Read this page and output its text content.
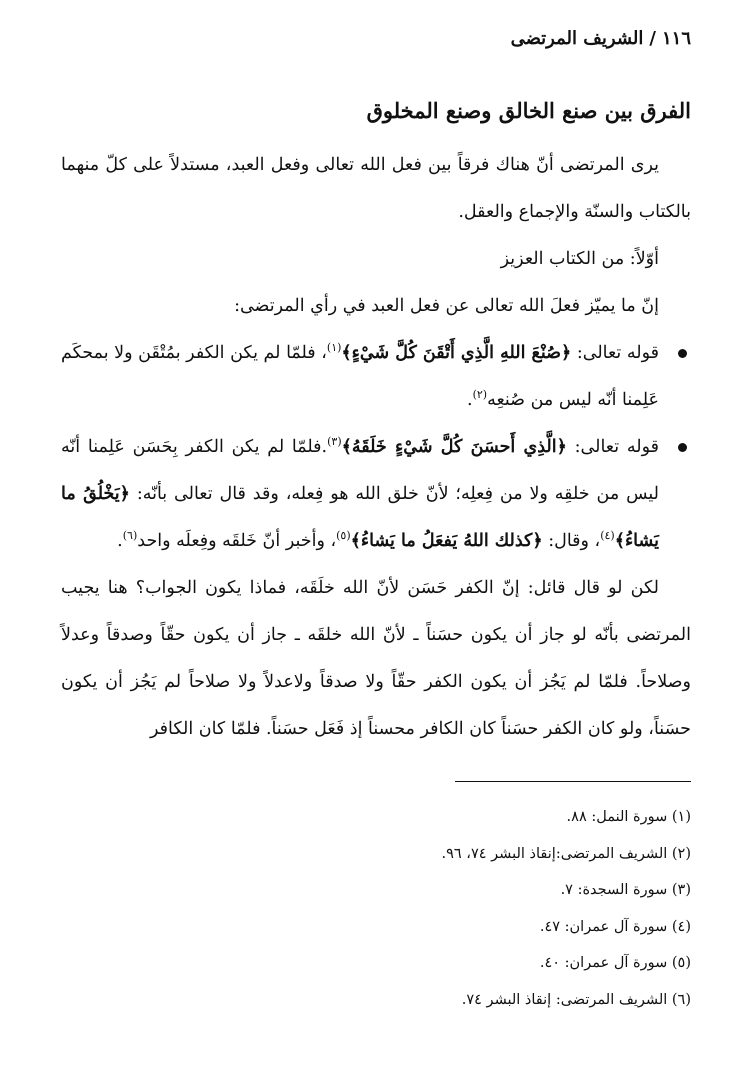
١١٦/الشريف المرتضى
الفرق بين صنع الخالق وصنع المخلوق

يرى المرتضى أنّ هناك فرقاً بين فعل الله تعالى وفعل العبد، مستدلاً على كلّ منهما بالكتاب والسنّة والإجماع والعقل.

أوّلاً: من الكتاب العزيز

إنّ ما يميّز فعلَ الله تعالى عن فعل العبد في رأي المرتضى:

قوله تعالى: ﴿صُنْعَ اللهِ الَّذِي أَتْقَنَ كُلَّ شَيْءٍ﴾$^{(١)}$، فلمّا لم يكن الكفر بمُتْقَن ولا بمحكَم عَلِمنا أنّه ليس من صُنعِه$^{(٢)}$.

قوله تعالى: ﴿الَّذِي أَحسَنَ كُلَّ شَيْءٍ خَلَقَهُ﴾$^{(٣)}$.فلمّا لم يكن الكفر بِحَسَن عَلِمنا أنّه ليس من خلقِه ولا من فِعلِه؛ لأنّ خلق الله هو فِعله، وقد قال تعالى بأنّه: ﴿يَخْلُقُ ما يَشاءُ﴾$^{(٤)}$، وقال: ﴿كذلك اللهُ يَفعَلُ ما يَشاءُ﴾$^{(٥)}$، وأخبر أنّ خَلقَه وفِعلَه واحد$^{(٦)}$.

لكن لو قال قائل: إنّ الكفر حَسَن لأنّ الله خلَقَه، فماذا يكون الجواب؟ هنا يجيب المرتضى بأنّه لو جاز أن يكون حسَناً ـ لأنّ الله خلقَه ـ جاز أن يكون حقّاً وصدقاً وعدلاً وصلاحاً. فلمّا لم يَجُز أن يكون الكفر حقّاً ولا صدقاً ولاعدلاً ولا صلاحاً لم يَجُز أن يكون حسَناً، ولو كان الكفر حسَناً كان الكافر محسناً إذ فَعَل حسَناً. فلمّا كان الكافر

(١) سورة النمل: ٨٨.
(٢) الشريف المرتضى:إنقاذ البشر ٧٤، ٩٦.
(٣) سورة السجدة: ٧.
(٤) سورة آل عمران: ٤٧.
(٥) سورة آل عمران: ٤٠.
(٦) الشريف المرتضى: إنقاذ البشر ٧٤.
